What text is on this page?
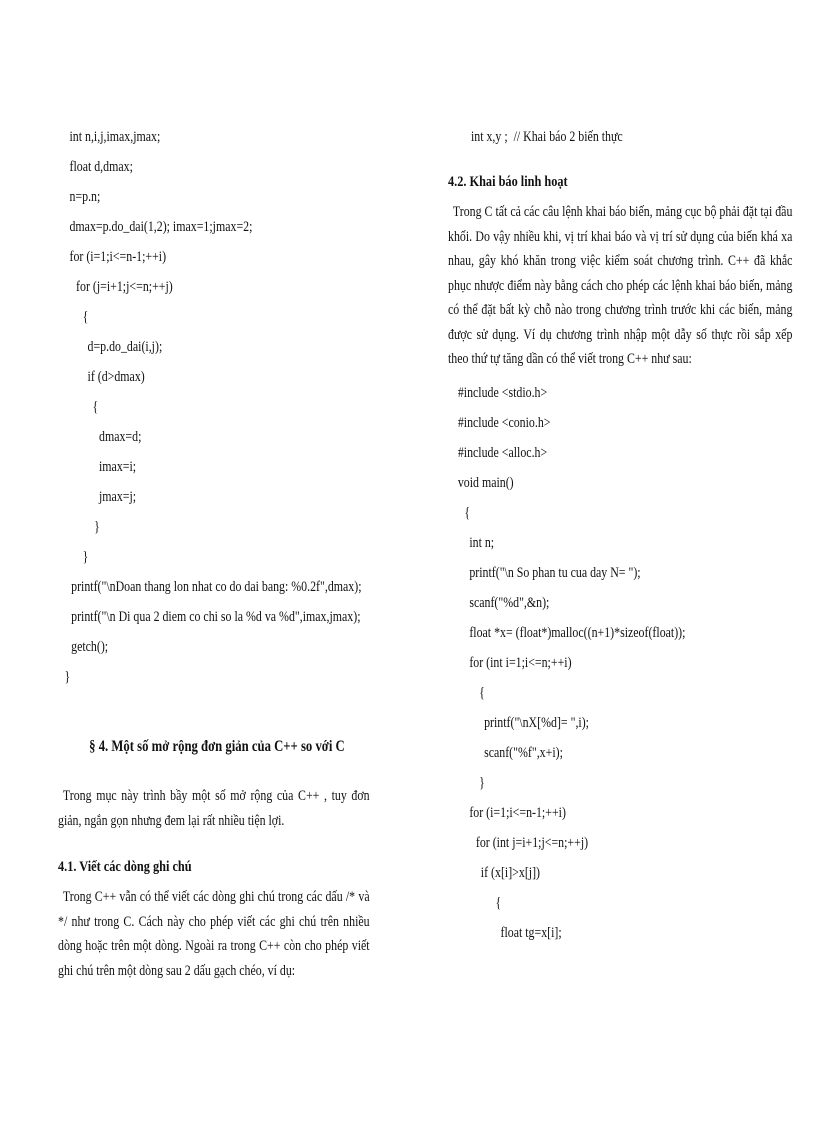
int n,i,j,imax,jmax;
float d,dmax;
n=p.n;
dmax=p.do_dai(1,2); imax=1;jmax=2;
for (i=1;i<=n-1;++i)
for (j=i+1;j<=n;++j)
{
d=p.do_dai(i,j);
if (d>dmax)
{
dmax=d;
imax=i;
jmax=j;
}
}
printf("\nDoan thang lon nhat co do dai bang: %0.2f",dmax);
printf("\n Di qua 2 diem co chi so la %d va %d",imax,jmax);
getch();
}
§ 4. Một số mở rộng đơn giản của C++ so với C
Trong mục này trình bầy một số mở rộng của C++ , tuy đơn giản, ngắn gọn nhưng đem lại rất nhiều tiện lợi.
4.1. Viết các dòng ghi chú
Trong C++ vẫn có thể viết các dòng ghi chú trong các dấu /* và */ như trong C. Cách này cho phép viết các ghi chú trên nhiều dòng hoặc trên một dòng. Ngoài ra trong C++ còn cho phép viết ghi chú trên một dòng sau 2 dấu gạch chéo, ví dụ:
int x,y ;  // Khai báo 2 biến thực
4.2. Khai báo linh hoạt
Trong C tất cả các câu lệnh khai báo biến, mảng cục bộ phải đặt tại đầu khối. Do vậy nhiều khi, vị trí khai báo và vị trí sử dụng của biến khá xa nhau, gây khó khăn trong việc kiểm soát chương trình. C++ đã khắc phục nhược điểm này bằng cách cho phép các lệnh khai báo biến, mảng có thể đặt bất kỳ chỗ nào trong chương trình trước khi các biến, mảng được sử dụng. Ví dụ chương trình nhập một dẫy số thực rồi sắp xếp theo thứ tự tăng dần có thể viết trong C++ như sau:
#include <stdio.h>
#include <conio.h>
#include <alloc.h>
void main()
{
int n;
printf("\n So phan tu cua day N= ");
scanf("%d",&n);
float *x= (float*)malloc((n+1)*sizeof(float));
for (int i=1;i<=n;++i)
{
printf("\nX[%d]= ",i);
scanf("%f",x+i);
}
for (i=1;i<=n-1;++i)
for (int j=i+1;j<=n;++j)
if (x[i]>x[j])
{
float tg=x[i];
